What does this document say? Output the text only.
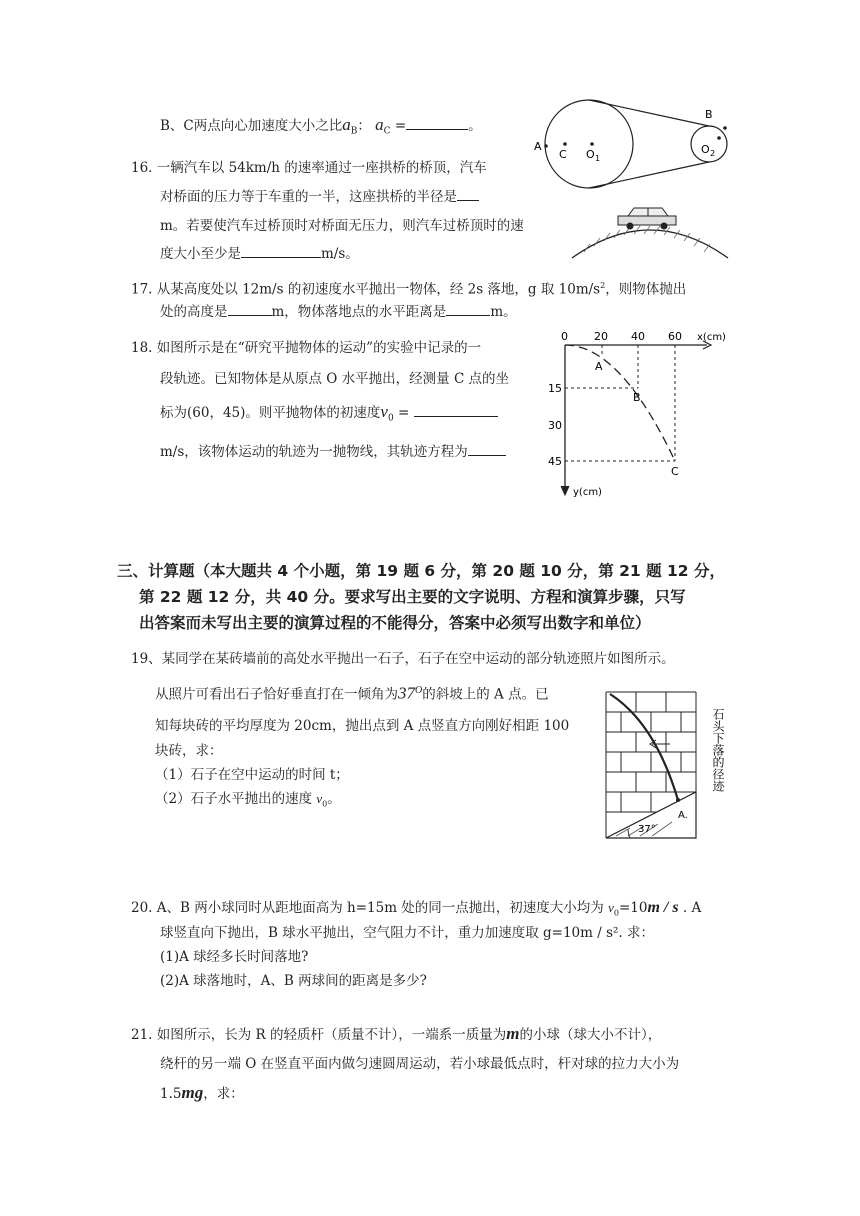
B、C两点向心加速度大小之比$a_B$： $a_C$ =	。
A
C O 1
O 2
B
16. 一辆汽车以 54km/h 的速率通过一座拱桥的桥顶，汽车
对桥面的压力等于车重的一半，这座拱桥的半径是
m。若要使汽车过桥顶时对桥面无压力，则汽车过桥顶时的速
度大小至少是	m/s。
17. 从某高度处以 12m/s 的初速度水平抛出一物体，经 2s 落地，g 取 $10m/s^2$，则物体抛出
处的高度是	m，物体落地点的水平距离是	m。
18. 如图所示是在“研究平抛物体的运动”的实验中记录的一
段轨迹。已知物体是从原点 O 水平抛出，经测量 C 点的坐
标为(60，45)。则平抛物体的初速度$v_0$ =
m/s，该物体运动的轨迹为一抛物线，其轨迹方程为
0 20 40 60 x(cm)
15
30
45
y(cm)
A
B
C
三、计算题（本大题共 4 个小题，第 19 题 6 分，第 20 题 10 分，第 21 题 12 分，
第 22 题 12 分，共 40 分。要求写出主要的文字说明、方程和演算步骤，只写
出答案而未写出主要的演算过程的不能得分，答案中必须写出数字和单位）
19、某同学在某砖墙前的高处水平抛出一石子，石子在空中运动的部分轨迹照片如图所示。
从照片可看出石子恰好垂直打在一倾角为$37^O$的斜坡上的 A 点。已
知每块砖的平均厚度为 20cm，抛出点到 A 点竖直方向刚好相距 100
块砖，求：
（1）石子在空中运动的时间 t；
（2）石子水平抛出的速度 $v_0$。
A.
37°
石头下落的径迹
20. A、B 两小球同时从距地面高为 h=15m 处的同一点抛出，初速度大小均为 $v_0=10m / s$ . A
球竖直向下抛出，B 球水平抛出，空气阻力不计，重力加速度取 g=10m / s². 求：
(1)A 球经多长时间落地?
(2)A 球落地时，A、B 两球间的距离是多少?
21. 如图所示，长为 R 的轻质杆（质量不计），一端系一质量为m的小球（球大小不计），
绕杆的另一端 O 在竖直平面内做匀速圆周运动，若小球最低点时，杆对球的拉力大小为
1.5mg，求：
